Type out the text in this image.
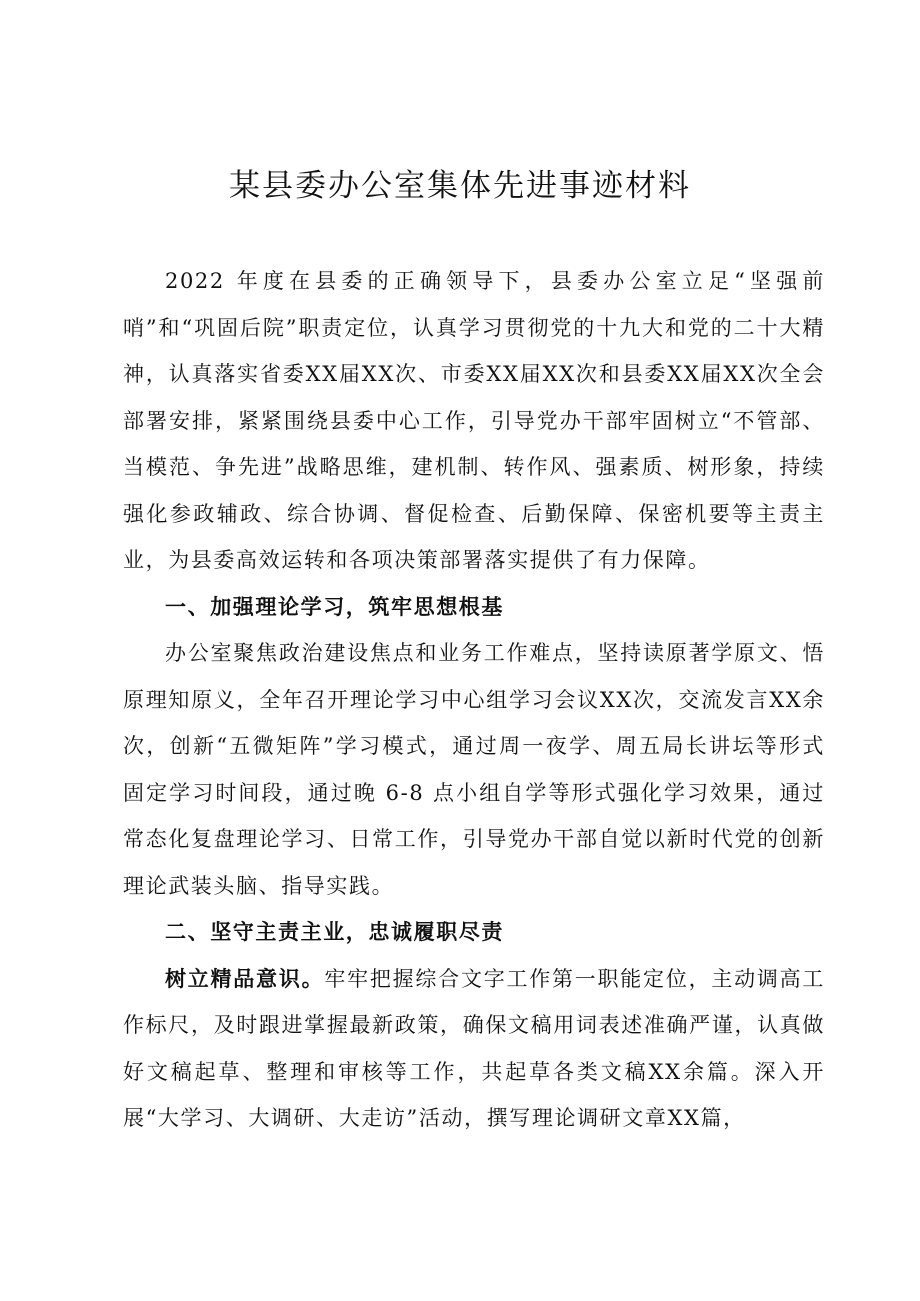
某县委办公室集体先进事迹材料

2022 年度在县委的正确领导下，县委办公室立足“坚强前哨”和“巩固后院”职责定位，认真学习贯彻党的十九大和党的二十大精神，认真落实省委XX届XX次、市委XX届XX次和县委XX届XX次全会部署安排，紧紧围绕县委中心工作，引导党办干部牢固树立“不管部、当模范、争先进”战略思维，建机制、转作风、强素质、树形象，持续强化参政辅政、综合协调、督促检查、后勤保障、保密机要等主责主业，为县委高效运转和各项决策部署落实提供了有力保障。

一、加强理论学习，筑牢思想根基

办公室聚焦政治建设焦点和业务工作难点，坚持读原著学原文、悟原理知原义，全年召开理论学习中心组学习会议XX次，交流发言XX余次，创新“五微矩阵”学习模式，通过周一夜学、周五局长讲坛等形式固定学习时间段，通过晚 6-8 点小组自学等形式强化学习效果，通过常态化复盘理论学习、日常工作，引导党办干部自觉以新时代党的创新理论武装头脑、指导实践。

二、坚守主责主业，忠诚履职尽责

树立精品意识。牢牢把握综合文字工作第一职能定位，主动调高工作标尺，及时跟进掌握最新政策，确保文稿用词表述准确严谨，认真做好文稿起草、整理和审核等工作，共起草各类文稿XX余篇。深入开展“大学习、大调研、大走访”活动，撰写理论调研文章XX篇，
